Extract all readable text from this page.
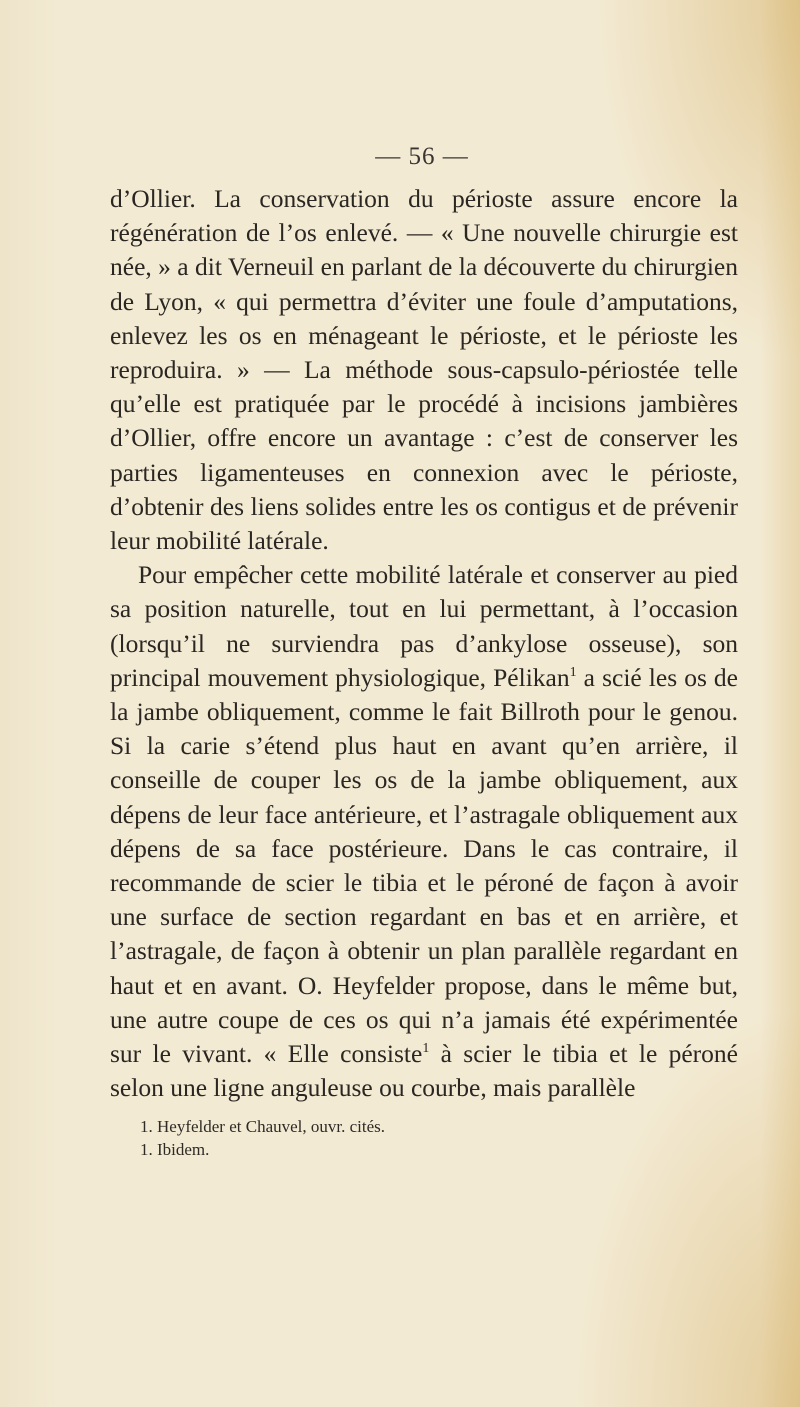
— 56 —

d’Ollier. La conservation du périoste assure encore la régénération de l’os enlevé. — « Une nouvelle chirurgie est née, » a dit Verneuil en parlant de la découverte du chirurgien de Lyon, « qui permettra d’éviter une foule d’amputations, enlevez les os en ménageant le périoste, et le périoste les reproduira. » — La méthode sous-capsulo-périostée telle qu’elle est pratiquée par le procédé à incisions jambières d’Ollier, offre encore un avantage : c’est de conserver les parties ligamenteuses en connexion avec le périoste, d’obtenir des liens solides entre les os contigus et de prévenir leur mobilité latérale.

Pour empêcher cette mobilité latérale et conserver au pied sa position naturelle, tout en lui permettant, à l’occasion (lorsqu’il ne surviendra pas d’ankylose osseuse), son principal mouvement physiologique, Pélikan$^1$ a scié les os de la jambe obliquement, comme le fait Billroth pour le genou. Si la carie s’étend plus haut en avant qu’en arrière, il conseille de couper les os de la jambe obliquement, aux dépens de leur face antérieure, et l’astragale obliquement aux dépens de sa face postérieure. Dans le cas contraire, il recommande de scier le tibia et le péroné de façon à avoir une surface de section regardant en bas et en arrière, et l’astragale, de façon à obtenir un plan parallèle regardant en haut et en avant. O. Heyfelder propose, dans le même but, une autre coupe de ces os qui n’a jamais été expérimentée sur le vivant. « Elle consiste$^1$ à scier le tibia et le péroné selon une ligne anguleuse ou courbe, mais parallèle

1. Heyfelder et Chauvel, ouvr. cités.

1. Ibidem.
